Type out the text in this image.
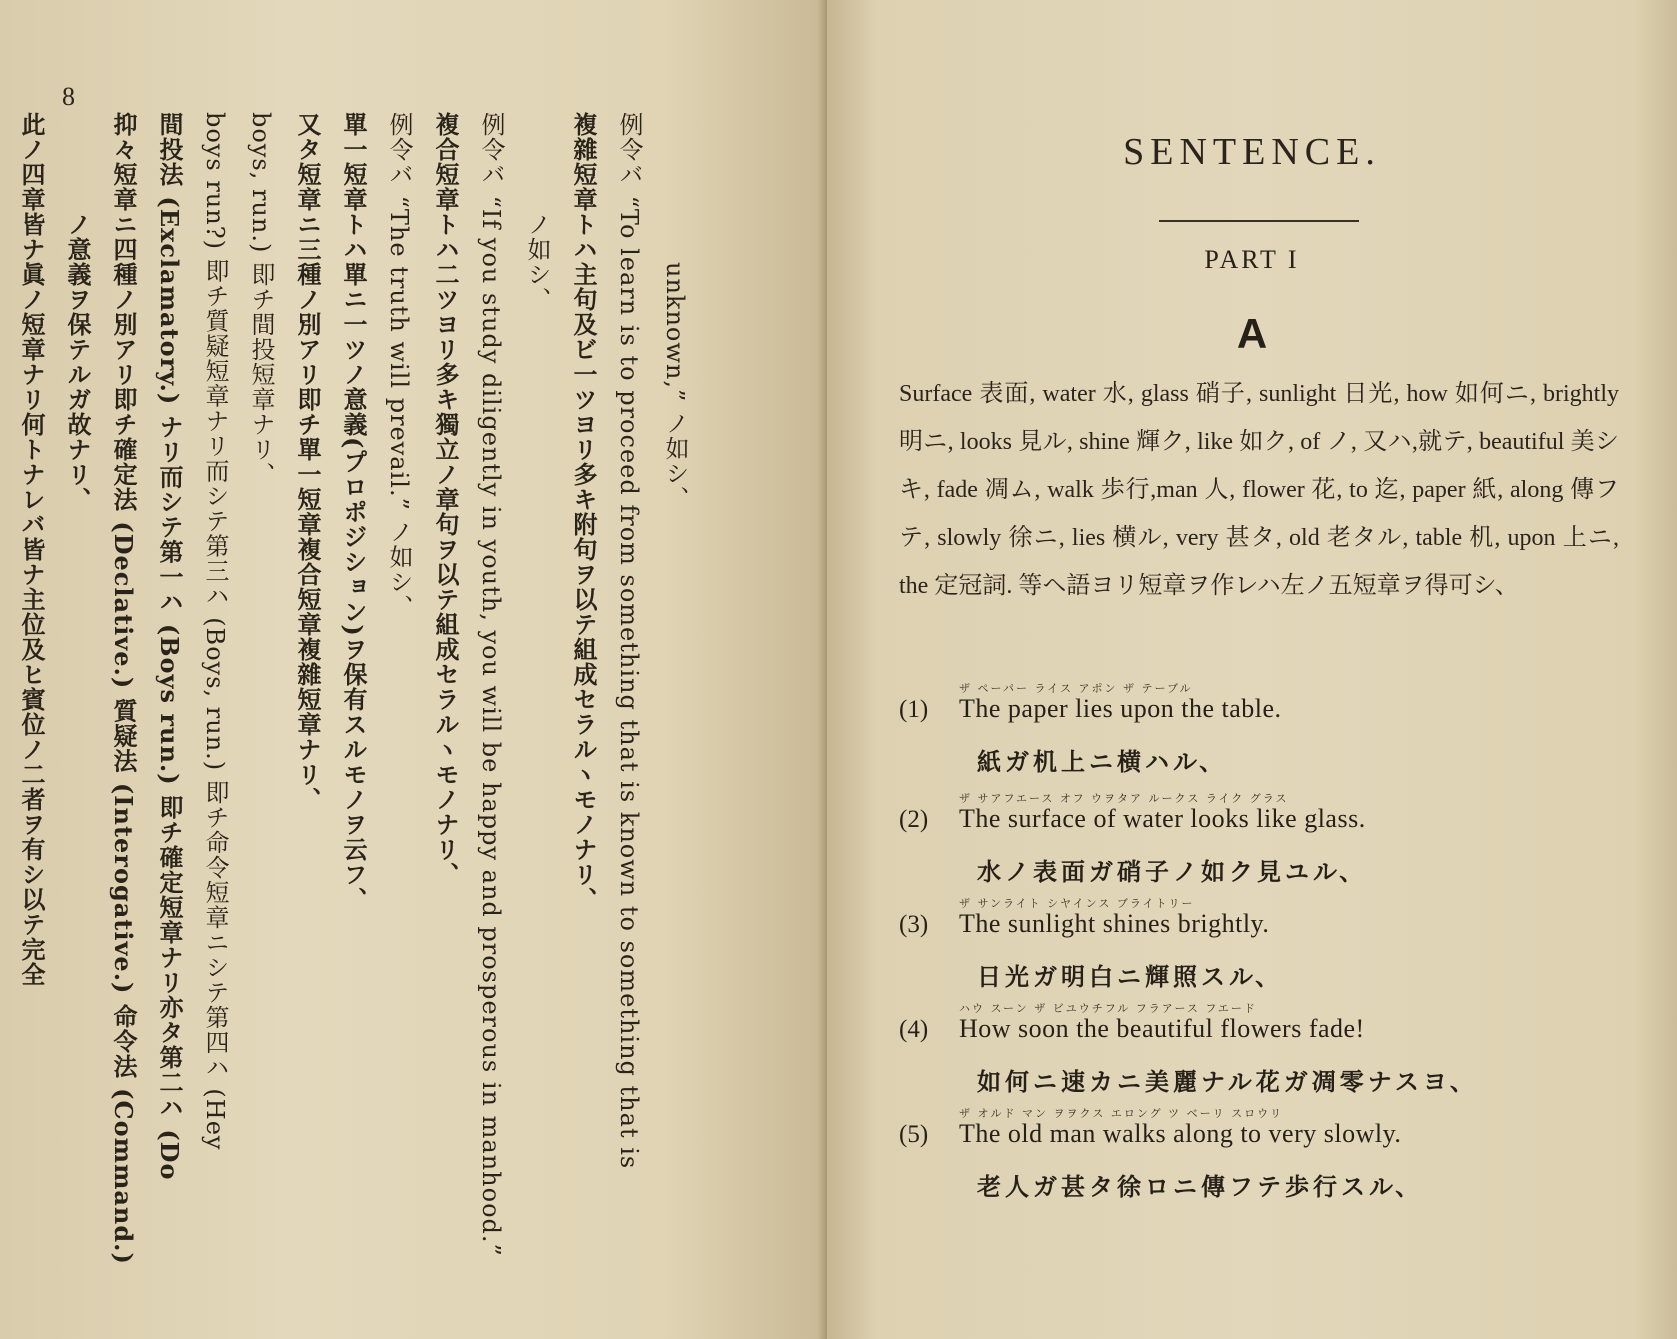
8
unknown,” ノ如シ、
例令バ “To learn is to proceed from something that is known to something that is
複雜短章トハ主句及ビ一ツヨリ多キ附句ヲ以テ組成セラルヽモノナリ、
ノ如シ、
例令バ “If you study diligently in youth, you will be happy and prosperous in manhood.”
複合短章トハ二ツヨリ多キ獨立ノ章句ヲ以テ組成セラルヽモノナリ、
例令バ “The truth will prevail.” ノ如シ、
單一短章トハ單ニ一ツノ意義(プロポジション)ヲ保有スルモノヲ云フ、
又タ短章ニ三種ノ別アリ即チ單一短章複合短章複雜短章ナリ、
boys, run.) 即チ間投短章ナリ、
boys run?) 即チ質疑短章ナリ而シテ第三ハ (Boys, run.) 即チ命令短章ニシテ第四ハ (Hey
間投法 (Exclamatory.) ナリ而シテ第一ハ (Boys run.) 即チ確定短章ナリ亦タ第二ハ (Do
抑々短章ニ四種ノ別アリ即チ確定法 (Declative.) 質疑法 (Interogative.) 命令法 (Command.)
ノ意義ヲ保テルガ故ナリ、
此ノ四章皆ナ眞ノ短章ナリ何トナレバ皆ナ主位及ヒ賓位ノ二者ヲ有シ以テ完全	SENTENCE.
PART I
A
Surface 表面, water 水, glass 硝子, sunlight 日光, how 如何ニ, brightly 明ニ, looks 見ル, shine 輝ク, like 如ク, of ノ, 又ハ,就テ, beautiful 美シキ, fade 凋ム, walk 歩行,man 人, flower 花, to 迄, paper 紙, along 傳フテ, slowly 徐ニ, lies 横ル, very 甚タ, old 老タル, table 机, upon 上ニ, the 定冠詞. 等ヘ語ヨリ短章ヲ作レハ左ノ五短章ヲ得可シ、
(1)
ザ ペーパー ライス アポン ザ テーブル
The paper lies upon the table.
紙ガ机上ニ横ハル、
(2)
ザ サアフエース オフ ウヲタア ルークス ライク グラス
The surface of water looks like glass.
水ノ表面ガ硝子ノ如ク見ユル、
(3)
ザ サンライト シヤインス ブライトリー
The sunlight shines brightly.
日光ガ明白ニ輝照スル、
(4)
ハウ スーン ザ ビユウチフル フラアース フエード
How soon the beautiful flowers fade!
如何ニ速カニ美麗ナル花ガ凋零ナスヨ、
(5)
ザ オルド マン ヲヲクス エロング ツ ベーリ スロウリ
The old man walks along to very slowly.
老人ガ甚タ徐ロニ傳フテ歩行スル、
